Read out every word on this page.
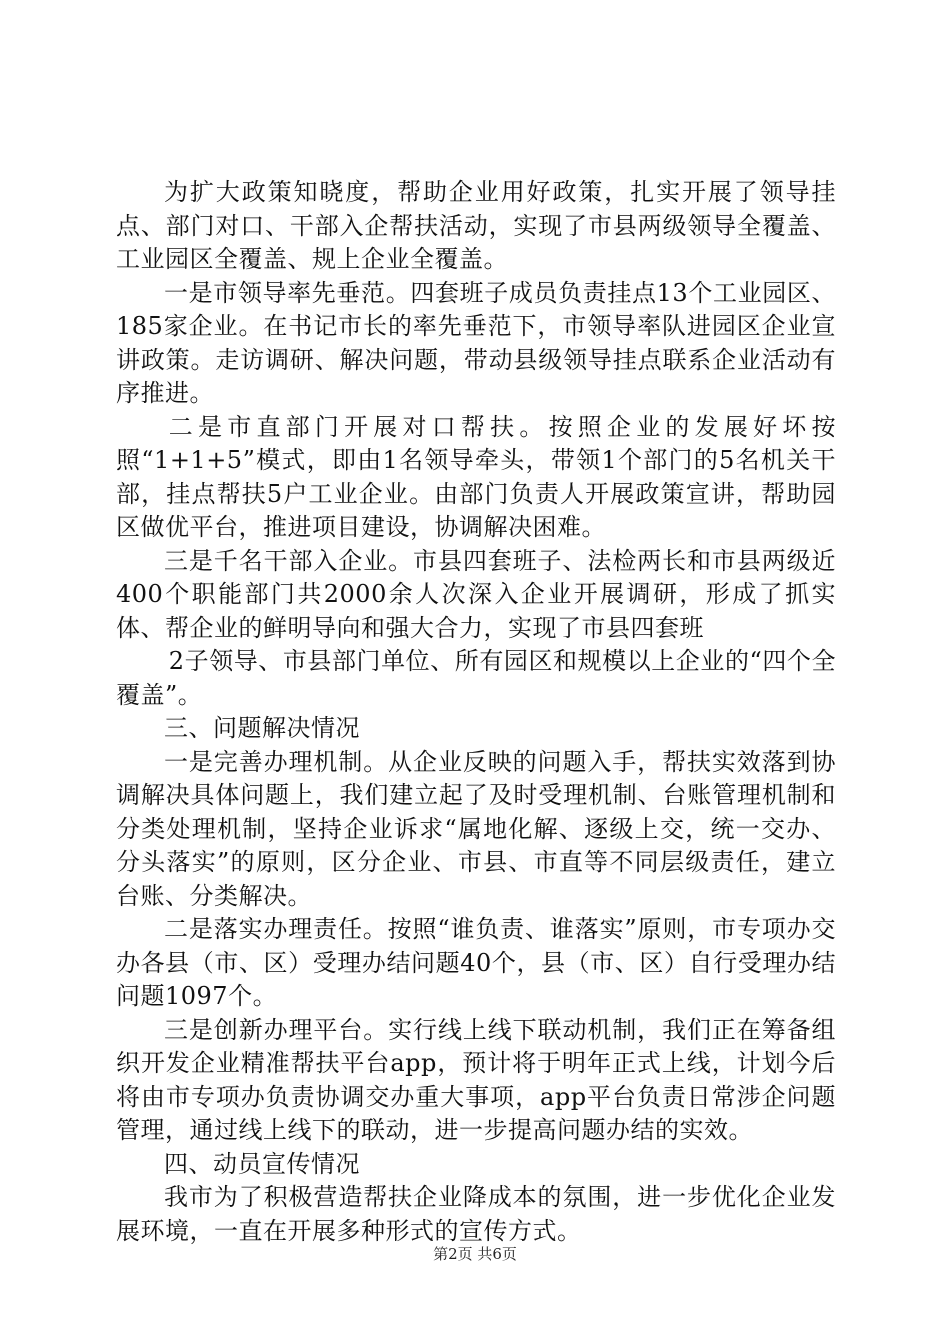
为扩大政策知晓度，帮助企业用好政策，扎实开展了领导挂点、部门对口、干部入企帮扶活动，实现了市县两级领导全覆盖、工业园区全覆盖、规上企业全覆盖。

一是市领导率先垂范。四套班子成员负责挂点13个工业园区、185家企业。在书记市长的率先垂范下，市领导率队进园区企业宣讲政策。走访调研、解决问题，带动县级领导挂点联系企业活动有序推进。

二是市直部门开展对口帮扶。按照企业的发展好坏按照“1+1+5”模式，即由1名领导牵头，带领1个部门的5名机关干部，挂点帮扶5户工业企业。由部门负责人开展政策宣讲，帮助园区做优平台，推进项目建设，协调解决困难。

三是千名干部入企业。市县四套班子、法检两长和市县两级近400个职能部门共2000余人次深入企业开展调研，形成了抓实体、帮企业的鲜明导向和强大合力，实现了市县四套班

2子领导、市县部门单位、所有园区和规模以上企业的“四个全覆盖”。

三、问题解决情况

一是完善办理机制。从企业反映的问题入手，帮扶实效落到协调解决具体问题上，我们建立起了及时受理机制、台账管理机制和分类处理机制，坚持企业诉求“属地化解、逐级上交，统一交办、分头落实”的原则，区分企业、市县、市直等不同层级责任，建立台账、分类解决。

二是落实办理责任。按照“谁负责、谁落实”原则，市专项办交办各县（市、区）受理办结问题40个，县（市、区）自行受理办结问题1097个。

三是创新办理平台。实行线上线下联动机制，我们正在筹备组织开发企业精准帮扶平台app，预计将于明年正式上线，计划今后将由市专项办负责协调交办重大事项，app平台负责日常涉企问题管理，通过线上线下的联动，进一步提高问题办结的实效。

四、动员宣传情况

我市为了积极营造帮扶企业降成本的氛围，进一步优化企业发展环境，一直在开展多种形式的宣传方式。

第2页 共6页
